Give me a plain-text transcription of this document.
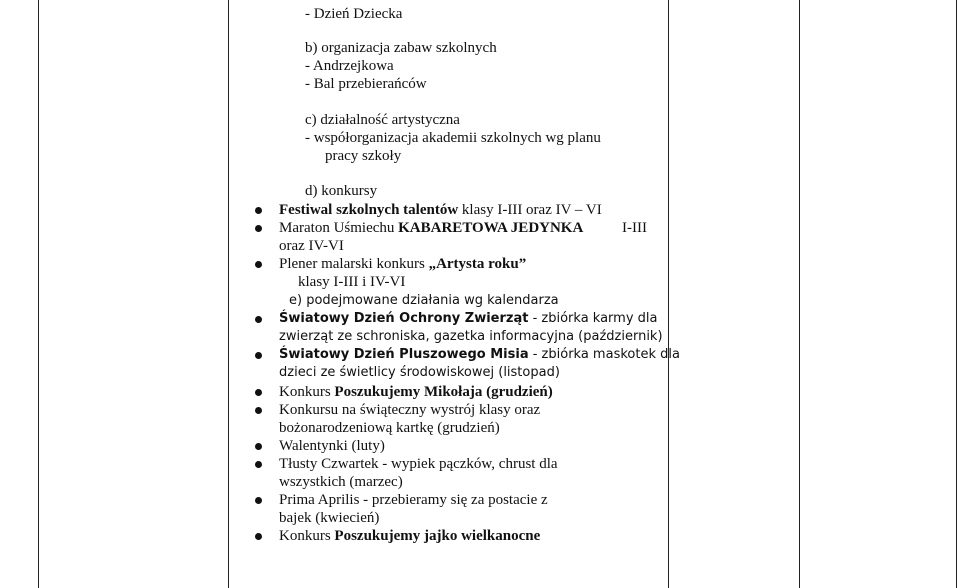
- Dzień Dziecka
b) organizacja zabaw szkolnych
- Andrzejkowa
- Bal przebierańców
c) działalność artystyczna
- współorganizacja akademii szkolnych wg planu
pracy szkoły
d) konkursy
Festiwal szkolnych talentów klasy I-III oraz IV – VI
Maraton Uśmiechu KABARETOWA JEDYNKA	I-III
oraz IV-VI
Plener malarski konkurs „Artysta roku”
klasy I-III i IV-VI
e) podejmowane działania wg kalendarza
Światowy Dzień Ochrony Zwierząt - zbiórka karmy dla
zwierząt ze schroniska, gazetka informacyjna (październik)
Światowy Dzień Pluszowego Misia - zbiórka maskotek dla
dzieci ze świetlicy środowiskowej (listopad)
Konkurs Poszukujemy Mikołaja (grudzień)
Konkursu na świąteczny wystrój klasy oraz
bożonarodzeniową kartkę (grudzień)
Walentynki (luty)
Tłusty Czwartek - wypiek pączków, chrust dla
wszystkich (marzec)
Prima Aprilis - przebieramy się za postacie z
bajek (kwiecień)
Konkurs Poszukujemy jajko wielkanocne
